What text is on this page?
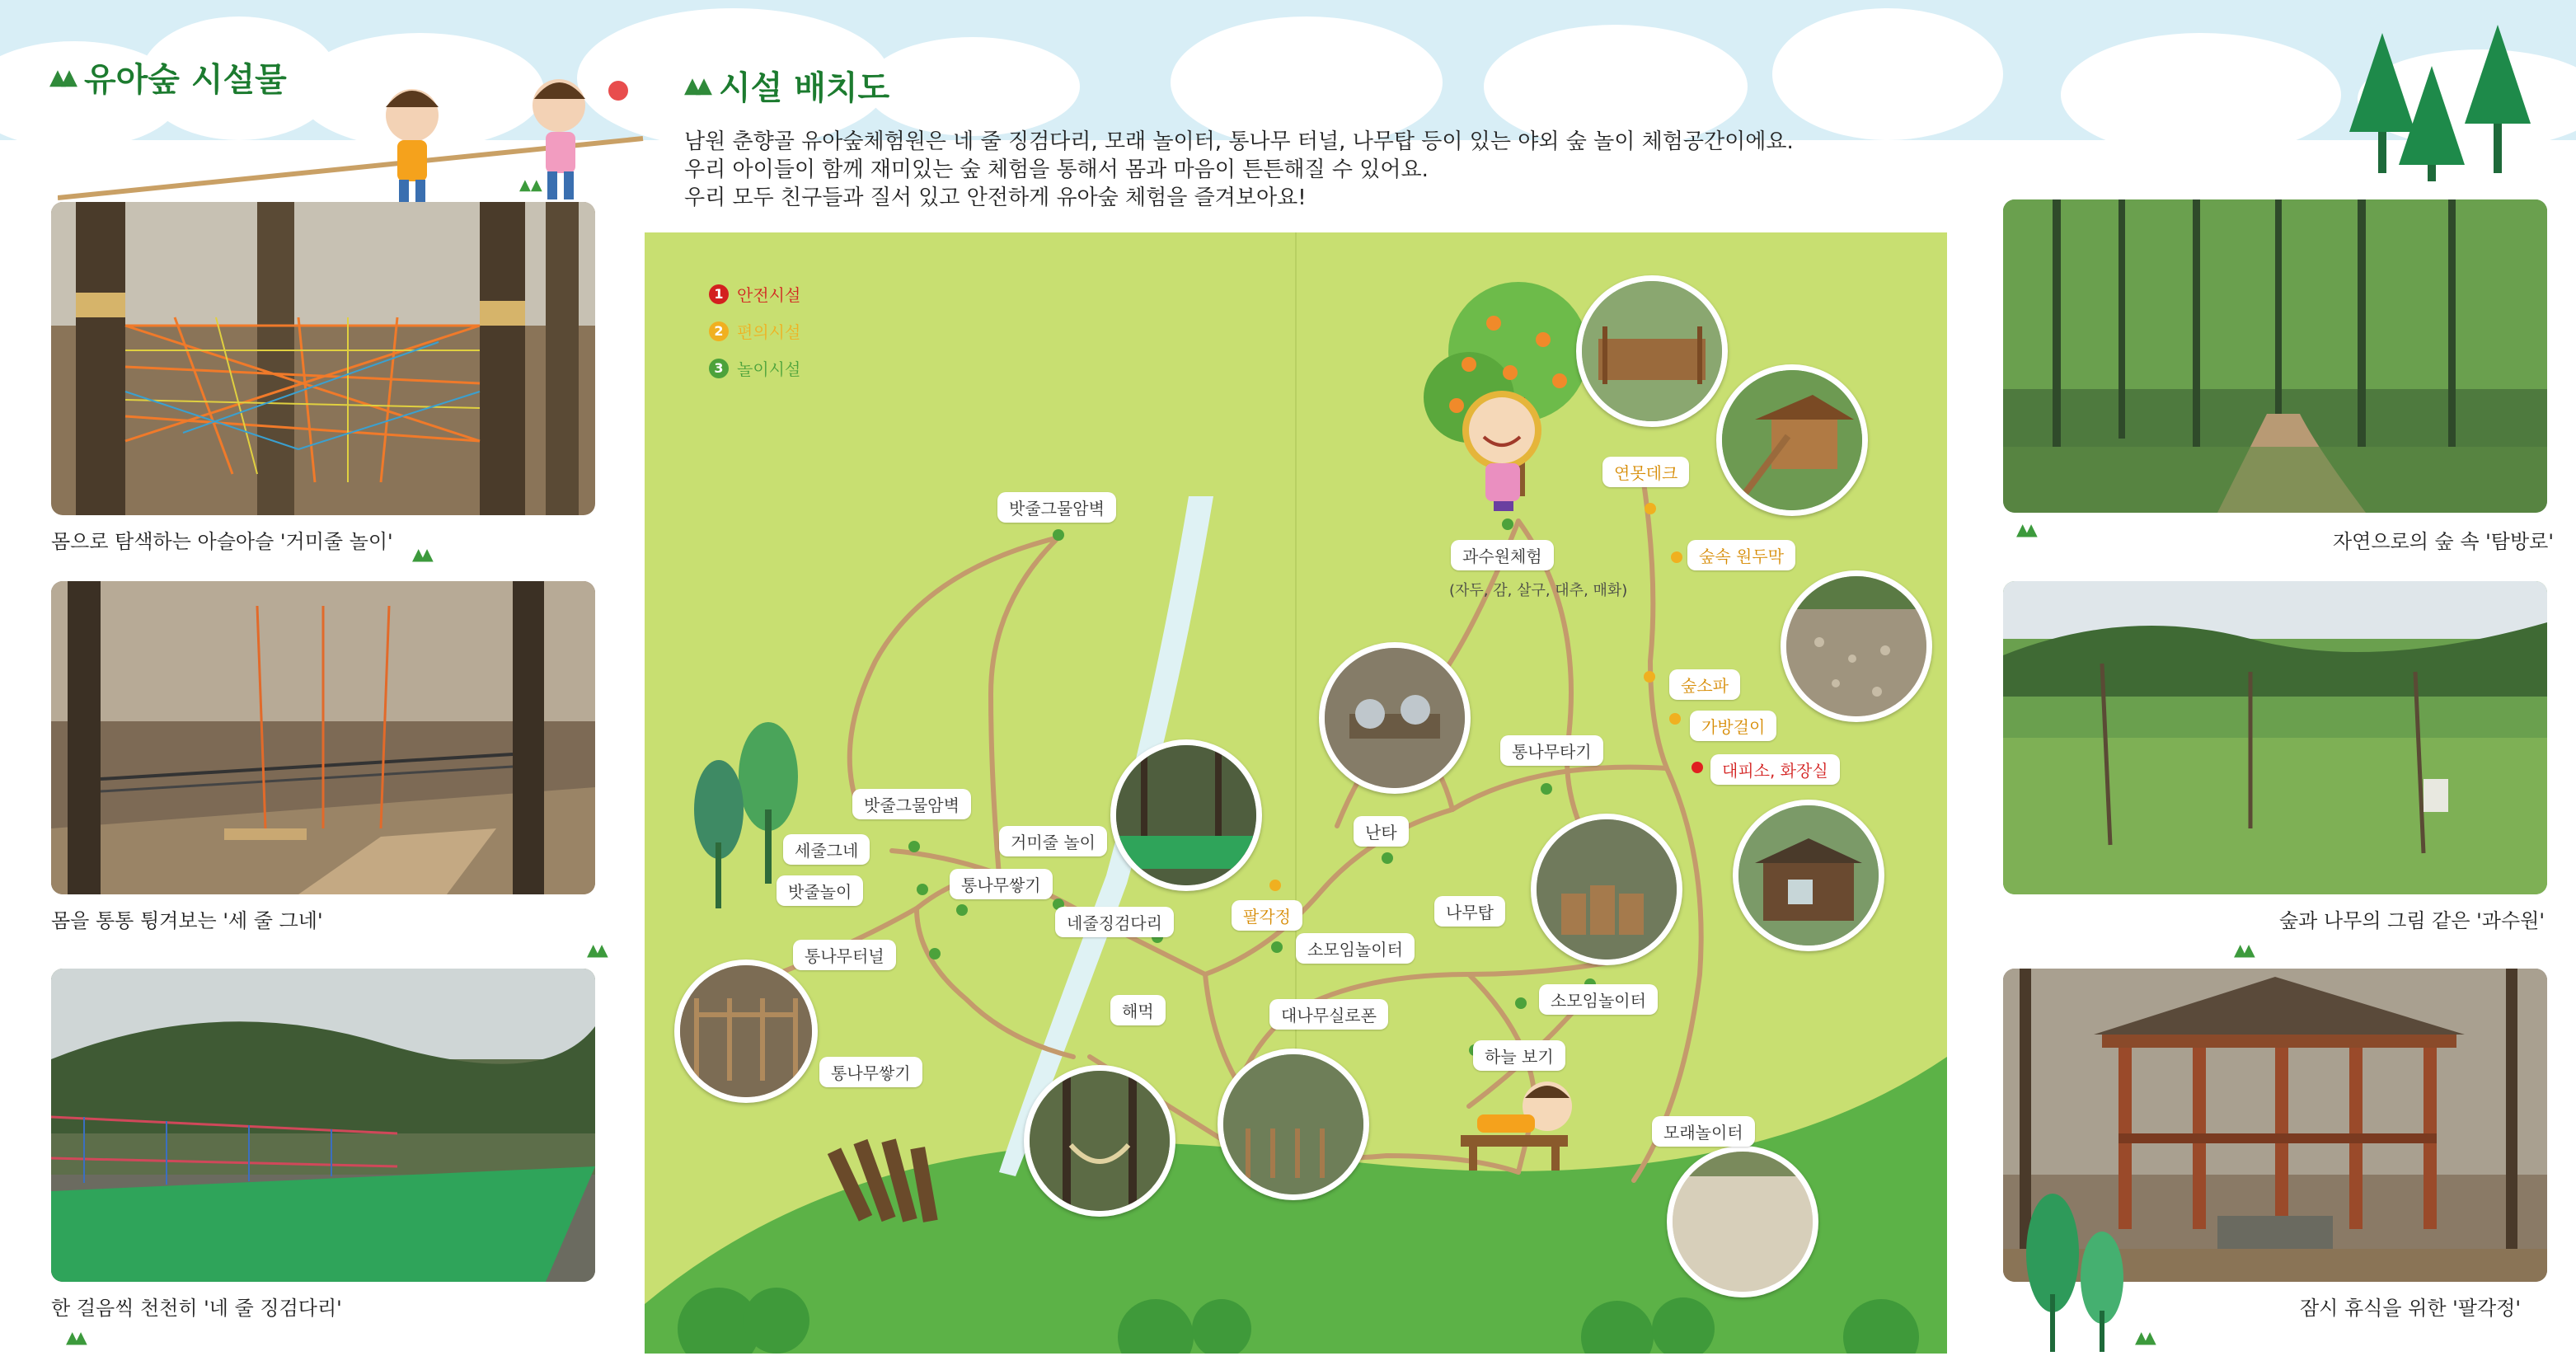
▲▲ 유아숲 시설물
▲▲
몸으로 탐색하는 아슬아슬 '거미줄 놀이'
▲▲
몸을 통통 튕겨보는 '세 줄 그네'
▲▲
한 걸음씩 천천히 '네 줄 징검다리'
▲▲
▲▲ 시설 배치도
남원 춘향골 유아숲체험원은 네 줄 징검다리, 모래 놀이터, 통나무 터널, 나무탑 등이 있는 야외 숲 놀이 체험공간이에요.
우리 아이들이 함께 재미있는 숲 체험을 통해서 몸과 마음이 튼튼해질 수 있어요.
우리 모두 친구들과 질서 있고 안전하게 유아숲 체험을 즐겨보아요!
1 안전시설
2 편의시설
3 놀이시설
밧줄그물암벽
과수원체험
(자두, 감, 살구, 대추, 매화)
연못데크
숲속 원두막
숲소파
가방걸이
대피소, 화장실
통나무타기
난타
밧줄그물암벽
거미줄 놀이
세줄그네
밧줄놀이	통나무쌓기
네줄징검다리	팔각정
통나무터널
해먹
소모임놀이터
나무탑
대나무실로폰
소모임놀이터
하늘 보기
통나무쌓기
모래놀이터
▲▲
자연으로의 숲 속 '탐방로'
▲▲
숲과 나무의 그림 같은 '과수원'
▲▲
잠시 휴식을 위한 '팔각정'
